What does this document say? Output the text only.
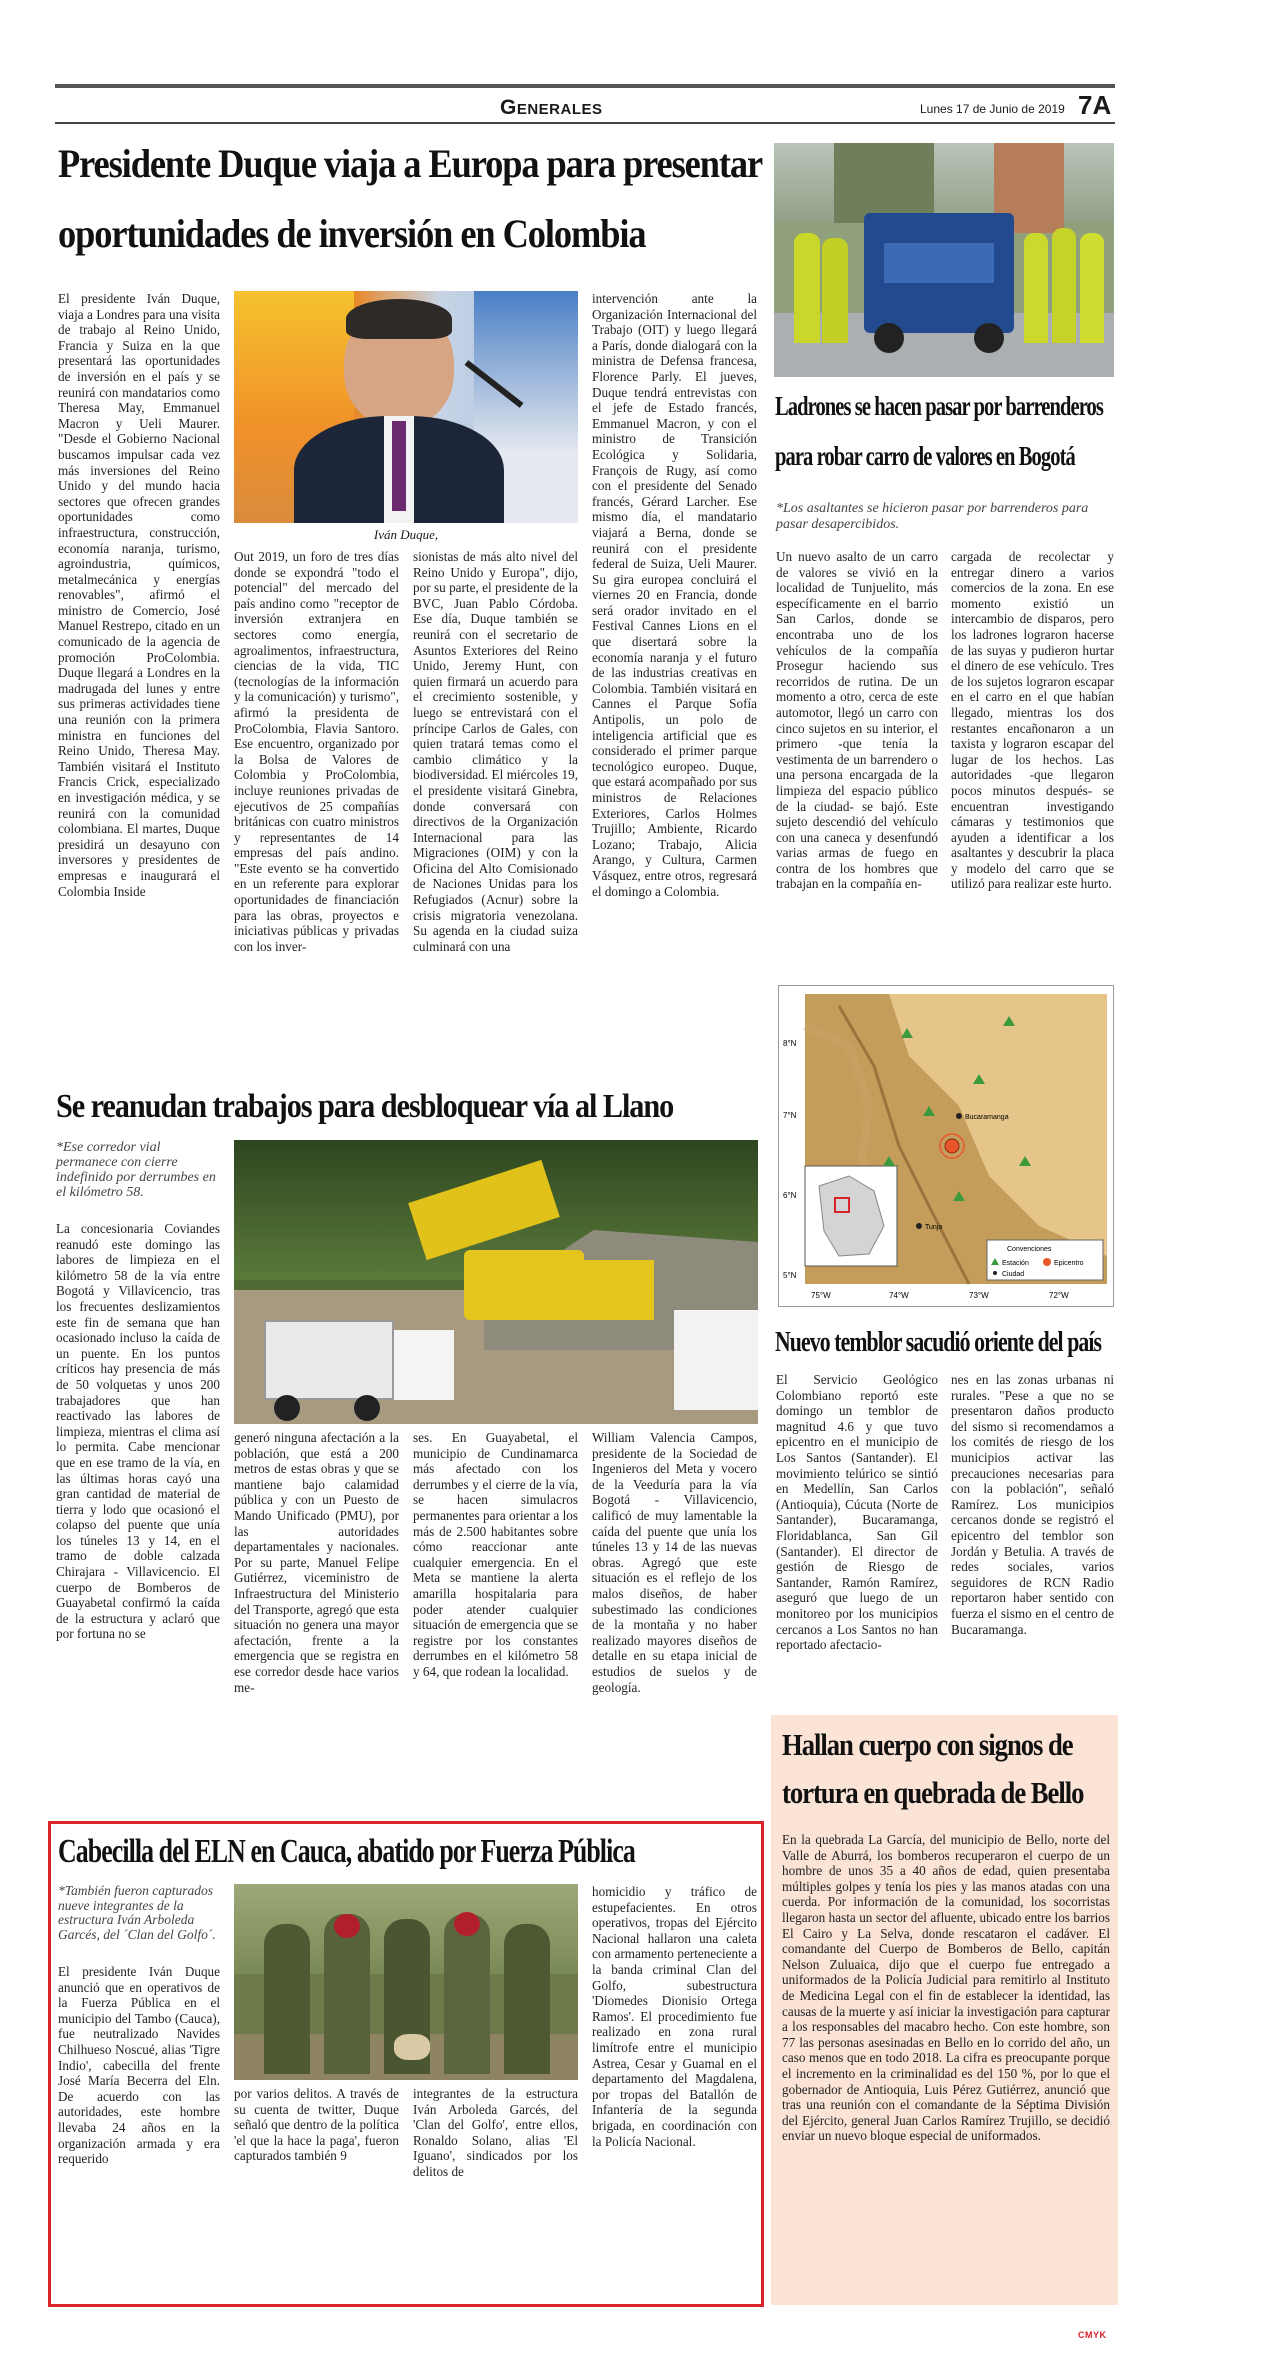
Generales	Lunes 17 de Junio de 2019 7A
Presidente Duque viaja a Europa para presentar
oportunidades de inversión en Colombia
El presidente Iván Duque, viaja a Londres para una visita de trabajo al Reino Unido, Francia y Suiza en la que presentará las oportunidades de inversión en el país y se reunirá con mandatarios como Theresa May, Emmanuel Macron y Ueli Maurer. "Desde el Gobierno Nacional buscamos impulsar cada vez más inversiones del Reino Unido y del mundo hacia sectores que ofrecen grandes oportunidades como infraestructura, construcción, economía naranja, turismo, agroindustria, químicos, metalmecánica y energías renovables", afirmó el ministro de Comercio, José Manuel Restrepo, citado en un comunicado de la agencia de promoción ProColombia. Duque llegará a Londres en la madrugada del lunes y entre sus primeras actividades tiene una reunión con la primera ministra en funciones del Reino Unido, Theresa May. También visitará el Instituto Francis Crick, especializado en investigación médica, y se reunirá con la comunidad colombiana. El martes, Duque presidirá un desayuno con inversores y presidentes de empresas e inaugurará el Colombia Inside
Iván Duque,
Out 2019, un foro de tres días donde se expondrá "todo el potencial" del mercado del país andino como "receptor de inversión extranjera en sectores como energía, agroalimentos, infraestructura, ciencias de la vida, TIC (tecnologías de la información y la comunicación) y turismo", afirmó la presidenta de ProColombia, Flavia Santoro. Ese encuentro, organizado por la Bolsa de Valores de Colombia y ProColombia, incluye reuniones privadas de ejecutivos de 25 compañías británicas con cuatro ministros y representantes de 14 empresas del país andino. "Este evento se ha convertido en un referente para explorar oportunidades de financiación para las obras, proyectos e iniciativas públicas y privadas con los inver-
sionistas de más alto nivel del Reino Unido y Europa", dijo, por su parte, el presidente de la BVC, Juan Pablo Córdoba. Ese día, Duque también se reunirá con el secretario de Asuntos Exteriores del Reino Unido, Jeremy Hunt, con quien firmará un acuerdo para el crecimiento sostenible, y luego se entrevistará con el príncipe Carlos de Gales, con quien tratará temas como el cambio climático y la biodiversidad. El miércoles 19, el presidente visitará Ginebra, donde conversará con directivos de la Organización Internacional para las Migraciones (OIM) y con la Oficina del Alto Comisionado de Naciones Unidas para los Refugiados (Acnur) sobre la crisis migratoria venezolana. Su agenda en la ciudad suiza culminará con una
intervención ante la Organización Internacional del Trabajo (OIT) y luego llegará a París, donde dialogará con la ministra de Defensa francesa, Florence Parly. El jueves, Duque tendrá entrevistas con el jefe de Estado francés, Emmanuel Macron, y con el ministro de Transición Ecológica y Solidaria, François de Rugy, así como con el presidente del Senado francés, Gérard Larcher. Ese mismo día, el mandatario viajará a Berna, donde se reunirá con el presidente federal de Suiza, Ueli Maurer. Su gira europea concluirá el viernes 20 en Francia, donde será orador invitado en el Festival Cannes Lions en el que disertará sobre la economía naranja y el futuro de las industrias creativas en Colombia. También visitará en Cannes el Parque Sofía Antipolis, un polo de inteligencia artificial que es considerado el primer parque tecnológico europeo. Duque, que estará acompañado por sus ministros de Relaciones Exteriores, Carlos Holmes Trujillo; Ambiente, Ricardo Lozano; Trabajo, Alicia Arango, y Cultura, Carmen Vásquez, entre otros, regresará el domingo a Colombia.
Ladrones se hacen pasar por barrenderos
para robar carro de valores en Bogotá
*Los asaltantes se hicieron pasar por barrenderos para pasar desapercibidos.
Un nuevo asalto de un carro de valores se vivió en la localidad de Tunjuelito, más específicamente en el barrio San Carlos, donde se encontraba uno de los vehículos de la compañía Prosegur haciendo sus recorridos de rutina. De un momento a otro, cerca de este automotor, llegó un carro con cinco sujetos en su interior, el primero -que tenía la vestimenta de un barrendero o una persona encargada de la limpieza del espacio público de la ciudad- se bajó. Este sujeto descendió del vehículo con una caneca y desenfundó varias armas de fuego en contra de los hombres que trabajan en la compañía en-
cargada de recolectar y entregar dinero a varios comercios de la zona. En ese momento existió un intercambio de disparos, pero los ladrones lograron hacerse de las suyas y pudieron hurtar el dinero de ese vehículo. Tres de los sujetos lograron escapar en el carro en el que habían llegado, mientras los dos restantes encañonaron a un taxista y lograron escapar del lugar de los hechos. Las autoridades -que llegaron pocos minutos después- se encuentran investigando cámaras y testimonios que ayuden a identificar a los asaltantes y descubrir la placa y modelo del carro que se utilizó para realizar este hurto.
Bucaramanga
Tunja
8°N
7°N
6°N
5°N
75°W	74°W	73°W	72°W
Convenciones
Estación	Epicentro
Ciudad
Se reanudan trabajos para desbloquear vía al Llano
*Ese corredor vial permanece con cierre indefinido por derrumbes en el kilómetro 58.
La concesionaria Coviandes reanudó este domingo las labores de limpieza en el kilómetro 58 de la vía entre Bogotá y Villavicencio, tras los frecuentes deslizamientos este fin de semana que han ocasionado incluso la caída de un puente. En los puntos críticos hay presencia de más de 50 volquetas y unos 200 trabajadores que han reactivado las labores de limpieza, mientras el clima así lo permita. Cabe mencionar que en ese tramo de la vía, en las últimas horas cayó una gran cantidad de material de tierra y lodo que ocasionó el colapso del puente que unía los túneles 13 y 14, en el tramo de doble calzada Chirajara - Villavicencio. El cuerpo de Bomberos de Guayabetal confirmó la caída de la estructura y aclaró que por fortuna no se
generó ninguna afectación a la población, que está a 200 metros de estas obras y que se mantiene bajo calamidad pública y con un Puesto de Mando Unificado (PMU), por las autoridades departamentales y nacionales. Por su parte, Manuel Felipe Gutiérrez, viceministro de Infraestructura del Ministerio del Transporte, agregó que esta situación no genera una mayor afectación, frente a la emergencia que se registra en ese corredor desde hace varios me-
ses. En Guayabetal, el municipio de Cundinamarca más afectado con los derrumbes y el cierre de la vía, se hacen simulacros permanentes para orientar a los más de 2.500 habitantes sobre cómo reaccionar ante cualquier emergencia. En el Meta se mantiene la alerta amarilla hospitalaria para poder atender cualquier situación de emergencia que se registre por los constantes derrumbes en el kilómetro 58 y 64, que rodean la localidad.
William Valencia Campos, presidente de la Sociedad de Ingenieros del Meta y vocero de la Veeduría para la vía Bogotá - Villavicencio, calificó de muy lamentable la caída del puente que unía los túneles 13 y 14 de las nuevas obras. Agregó que este situación es el reflejo de los malos diseños, de haber subestimado las condiciones de la montaña y no haber realizado mayores diseños de detalle en su etapa inicial de estudios de suelos y de geología.
Nuevo temblor sacudió oriente del país
El Servicio Geológico Colombiano reportó este domingo un temblor de magnitud 4.6 y que tuvo epicentro en el municipio de Los Santos (Santander). El movimiento telúrico se sintió en Medellín, San Carlos (Antioquia), Cúcuta (Norte de Santander), Bucaramanga, Floridablanca, San Gil (Santander). El director de gestión de Riesgo de Santander, Ramón Ramírez, aseguró que luego de un monitoreo por los municipios cercanos a Los Santos no han reportado afectacio-
nes en las zonas urbanas ni rurales. "Pese a que no se presentaron daños producto del sismo si recomendamos a los comités de riesgo de los municipios activar las precauciones necesarias para con la población", señaló Ramírez. Los municipios cercanos donde se registró el epicentro del temblor son Jordán y Betulia. A través de redes sociales, varios seguidores de RCN Radio reportaron haber sentido con fuerza el sismo en el centro de Bucaramanga.
Hallan cuerpo con signos de
tortura en quebrada de Bello
En la quebrada La García, del municipio de Bello, norte del Valle de Aburrá, los bomberos recuperaron el cuerpo de un hombre de unos 35 a 40 años de edad, quien presentaba múltiples golpes y tenía los pies y las manos atadas con una cuerda. Por información de la comunidad, los socorristas llegaron hasta un sector del afluente, ubicado entre los barrios El Cairo y La Selva, donde rescataron el cadáver. El comandante del Cuerpo de Bomberos de Bello, capitán Nelson Zuluaica, dijo que el cuerpo fue entregado a uniformados de la Policía Judicial para remitirlo al Instituto de Medicina Legal con el fin de establecer la identidad, las causas de la muerte y así iniciar la investigación para capturar a los responsables del macabro hecho. Con este hombre, son 77 las personas asesinadas en Bello en lo corrido del año, un caso menos que en todo 2018. La cifra es preocupante porque el incremento en la criminalidad es del 150 %, por lo que el gobernador de Antioquia, Luis Pérez Gutiérrez, anunció que tras una reunión con el comandante de la Séptima División del Ejército, general Juan Carlos Ramírez Trujillo, se decidió enviar un nuevo bloque especial de uniformados.
Cabecilla del ELN en Cauca, abatido por Fuerza Pública
*También fueron capturados nueve integrantes de la estructura Iván Arboleda Garcés, del ´Clan del Golfo´.
El presidente Iván Duque anunció que en operativos de la Fuerza Pública en el municipio del Tambo (Cauca), fue neutralizado Navides Chilhueso Noscué, alias 'Tigre Indio', cabecilla del frente José María Becerra del Eln. De acuerdo con las autoridades, este hombre llevaba 24 años en la organización armada y era requerido
por varios delitos. A través de su cuenta de twitter, Duque señaló que dentro de la política 'el que la hace la paga', fueron capturados también 9
integrantes de la estructura Iván Arboleda Garcés, del 'Clan del Golfo', entre ellos, Ronaldo Solano, alias 'El Iguano', sindicados por los delitos de
homicidio y tráfico de estupefacientes. En otros operativos, tropas del Ejército Nacional hallaron una caleta con armamento perteneciente a la banda criminal Clan del Golfo, subestructura 'Diomedes Dionisio Ortega Ramos'. El procedimiento fue realizado en zona rural limítrofe entre el municipio Astrea, Cesar y Guamal en el departamento del Magdalena, por tropas del Batallón de Infantería de la segunda brigada, en coordinación con la Policía Nacional.
CMYK
